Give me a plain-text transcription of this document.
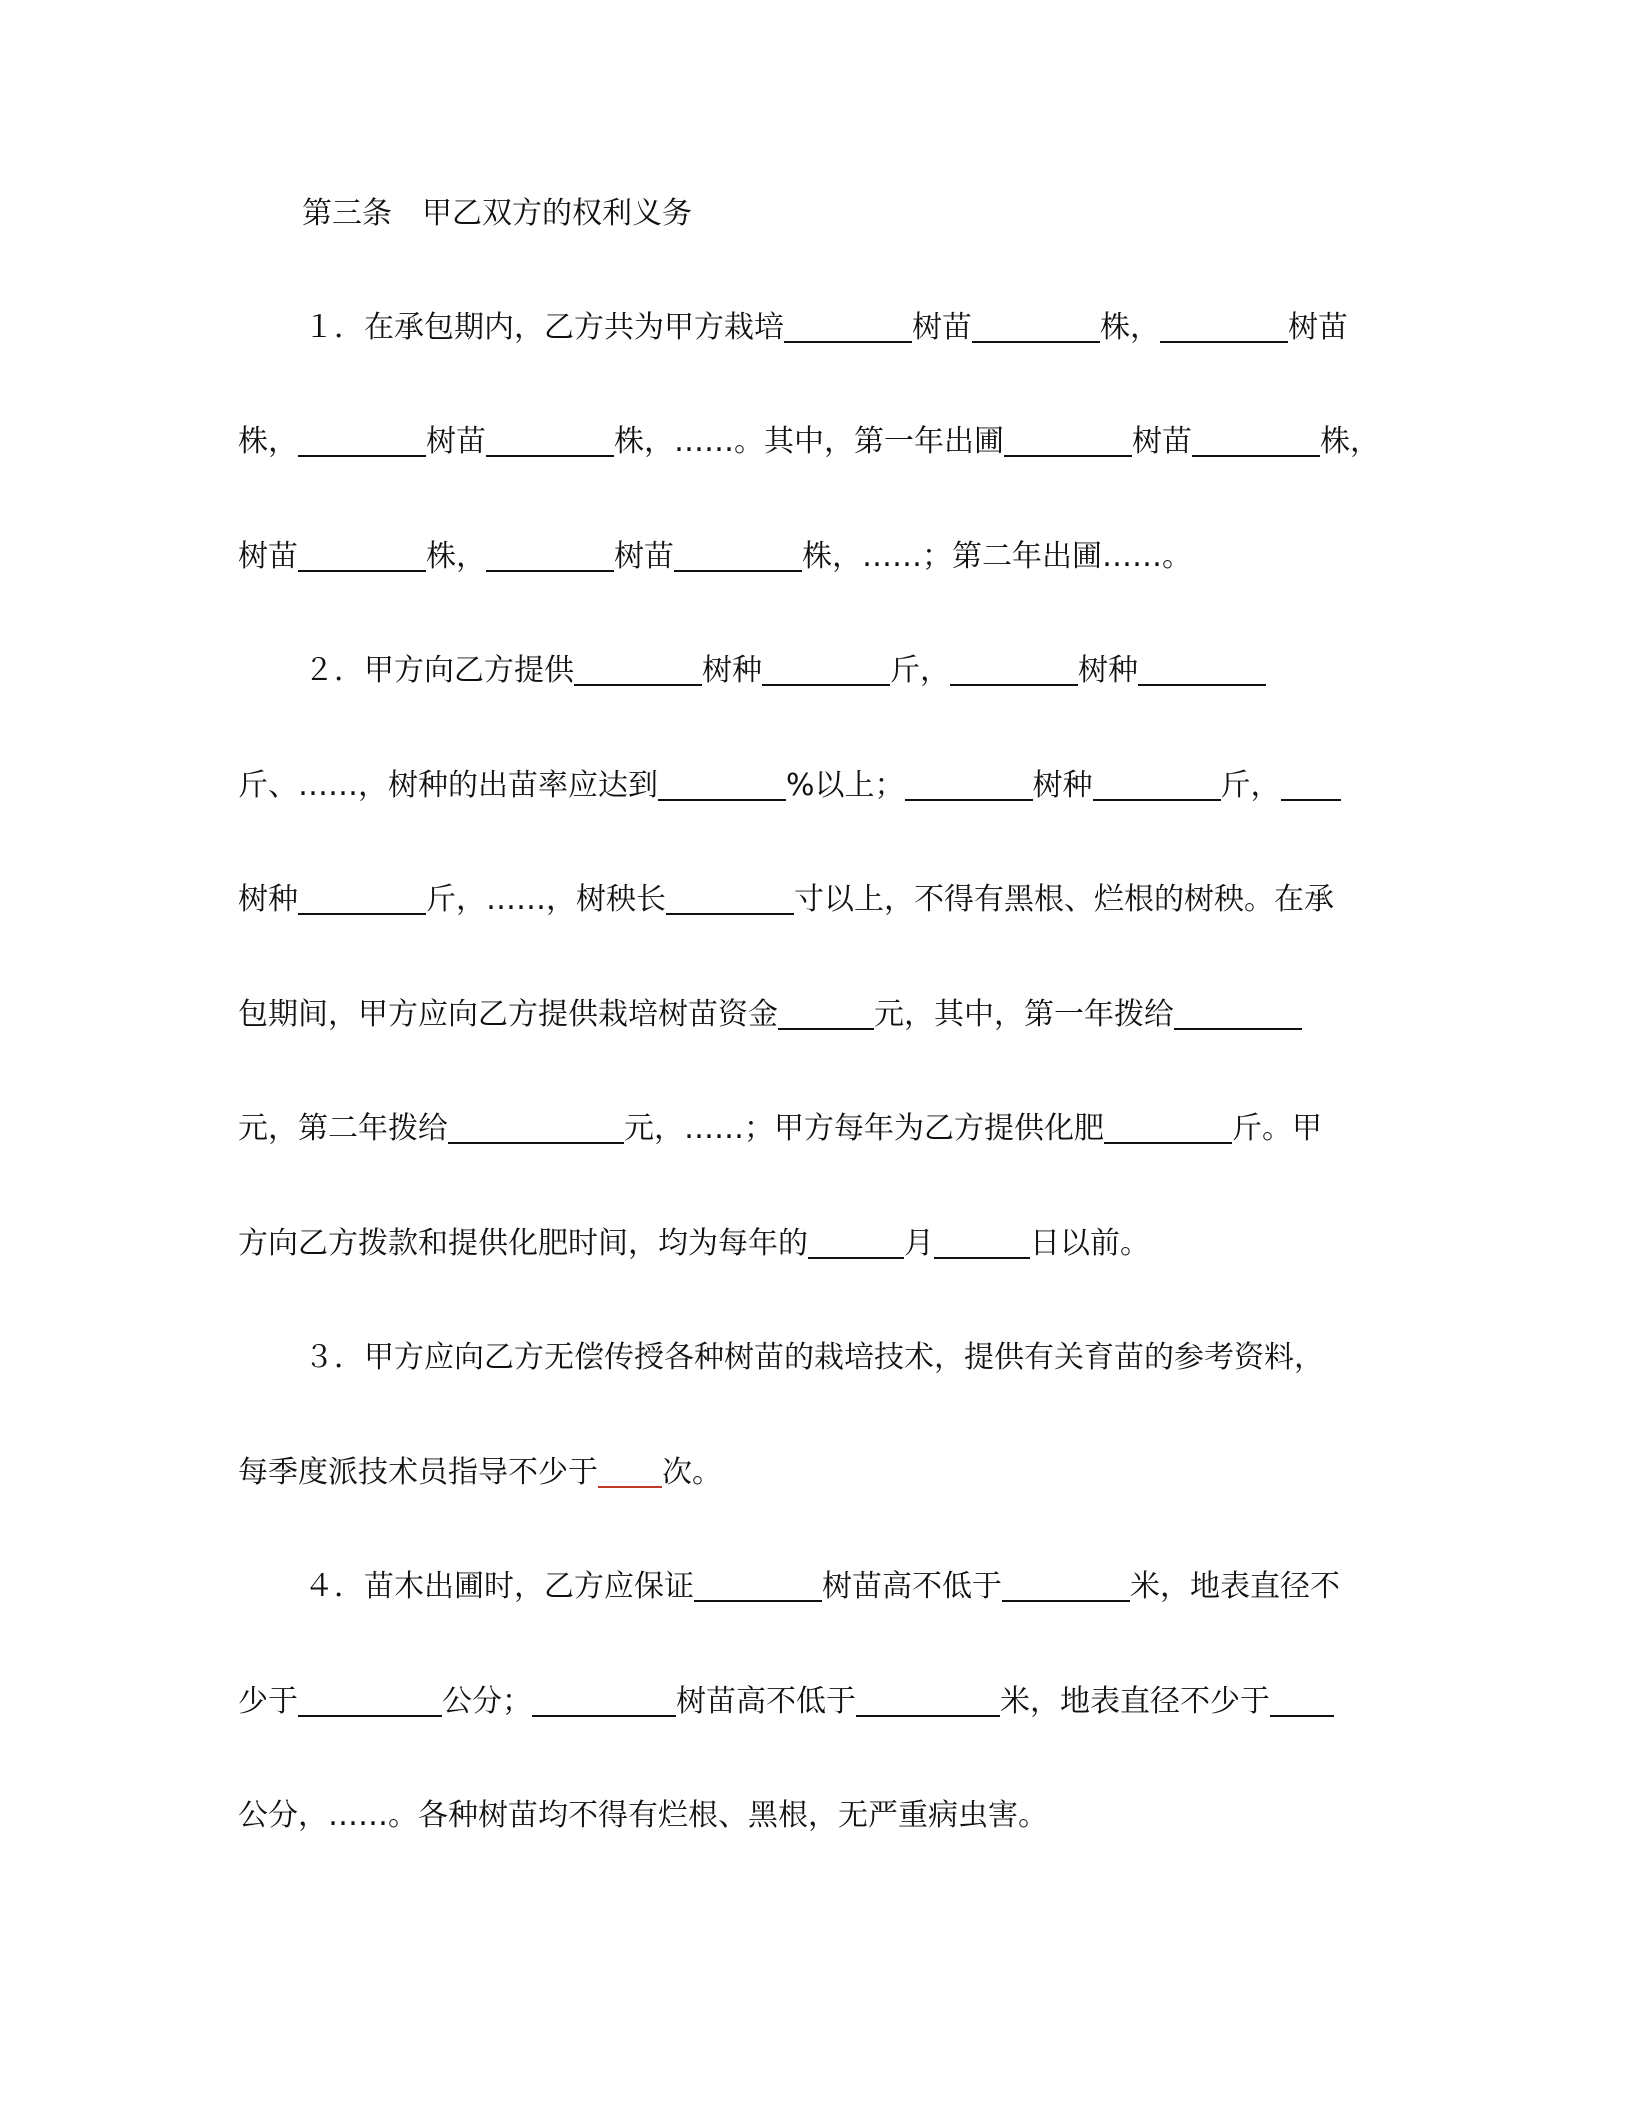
第三条　甲乙双方的权利义务
１．在承包期内，乙方共为甲方栽培	树苗	株，	树苗
株，	树苗	株，……。其中，第一年出圃	树苗	株，
树苗	株，	树苗	株，……；第二年出圃……。
２．甲方向乙方提供	树种	斤，	树种
斤、……，树种的出苗率应达到	%以上；	树种	斤，
树种	斤，……，树秧长	寸以上，不得有黑根、烂根的树秧。在承
包期间，甲方应向乙方提供栽培树苗资金	元，其中，第一年拨给
元，第二年拨给	元，……；甲方每年为乙方提供化肥	斤。甲
方向乙方拨款和提供化肥时间，均为每年的	月	日以前。
３．甲方应向乙方无偿传授各种树苗的栽培技术，提供有关育苗的参考资料，
每季度派技术员指导不少于 次。
４．苗木出圃时，乙方应保证	树苗高不低于	米，地表直径不
少于	公分；	树苗高不低于	米，地表直径不少于
公分，……。各种树苗均不得有烂根、黑根，无严重病虫害。
